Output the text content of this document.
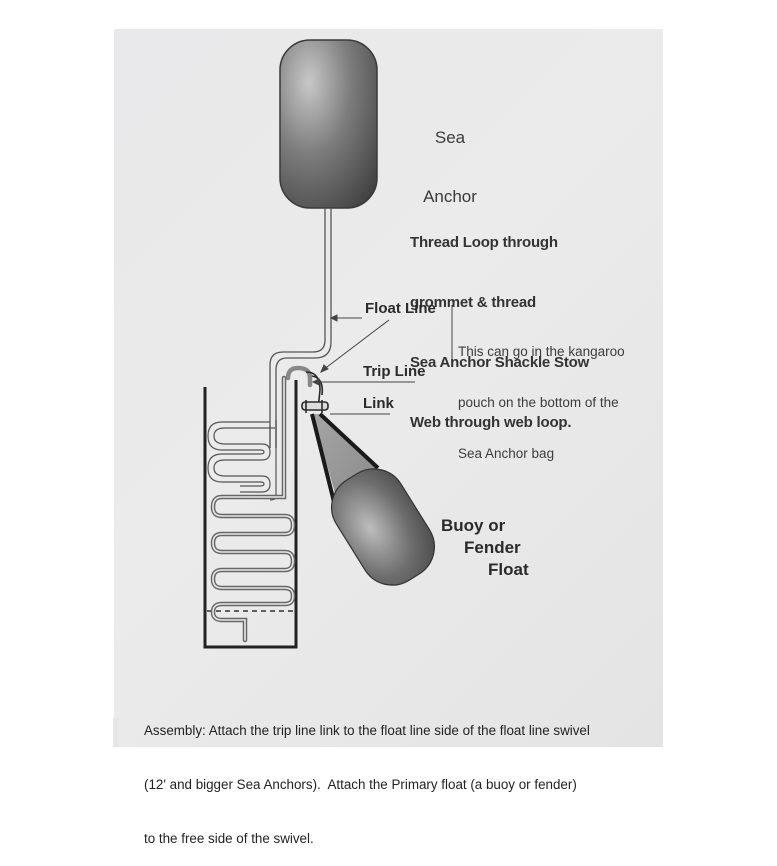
Sea

Anchor

Thread Loop through

grommet & thread

Sea Anchor Shackle Stow

Web through web loop.

Float Line
Trip Line
Link

This can go in the kangaroo

pouch on the bottom of the

Sea Anchor bag

Buoy or
Fender
Float

Assembly: Attach the trip line link to the float line side of the float line swivel

(12' and bigger Sea Anchors).  Attach the Primary float (a buoy or fender)

to the free side of the swivel.
